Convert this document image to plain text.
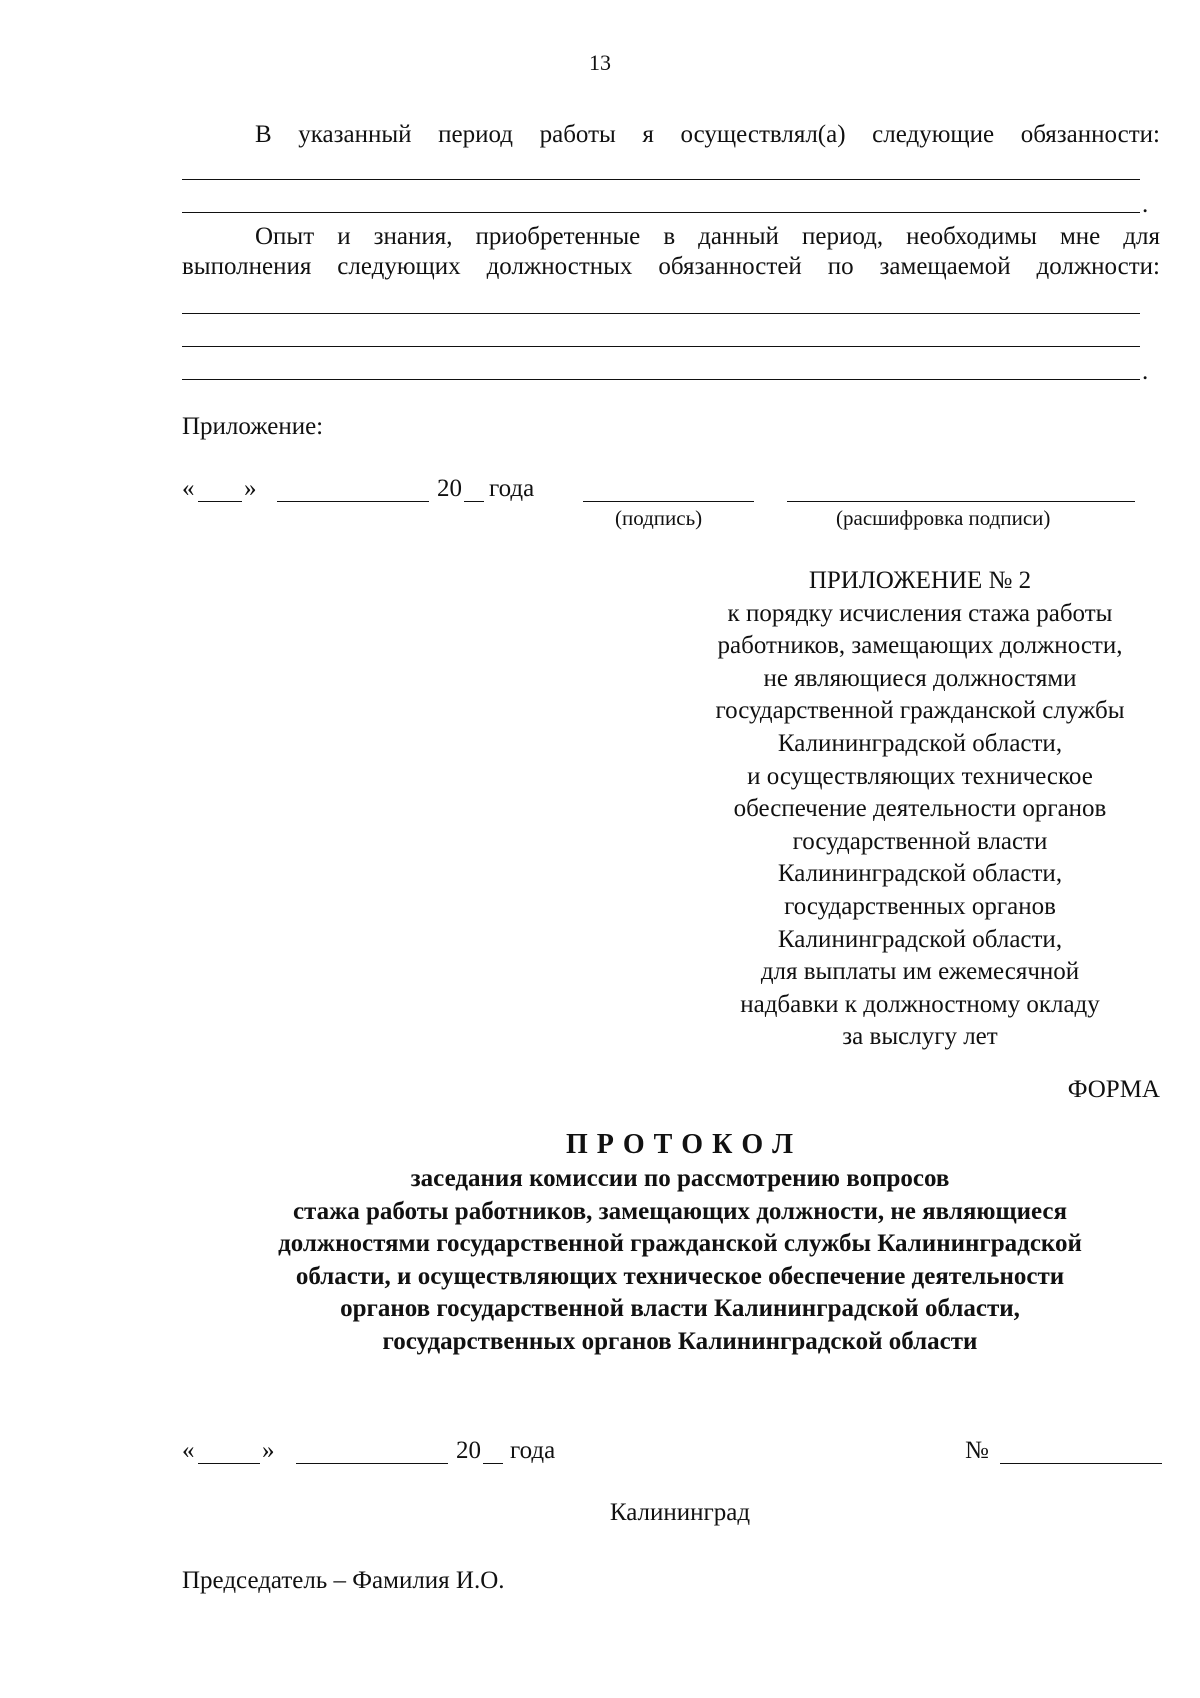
13
В указанный период работы я осуществлял(а) следующие обязанности:
.
Опыт и знания, приобретенные в данный период, необходимы мне для
выполнения следующих должностных обязанностей по замещаемой должности:
.
Приложение:
« »	20 года
(подпись)	(расшифровка подписи)
ПРИЛОЖЕНИЕ № 2
к порядку исчисления стажа работы
работников, замещающих должности,
не являющиеся должностями
государственной гражданской службы
Калининградской области,
и осуществляющих техническое
обеспечение деятельности органов
государственной власти
Калининградской области,
государственных органов
Калининградской области,
для выплаты им ежемесячной
надбавки к должностному окладу
за выслугу лет
ФОРМА
П Р О Т О К О Л
заседания комиссии по рассмотрению вопросов
стажа работы работников, замещающих должности, не являющиеся
должностями государственной гражданской службы Калининградской
области, и осуществляющих техническое обеспечение деятельности
органов государственной власти Калининградской области,
государственных органов Калининградской области
«	»	20 года	№
Калининград
Председатель – Фамилия И.О.
